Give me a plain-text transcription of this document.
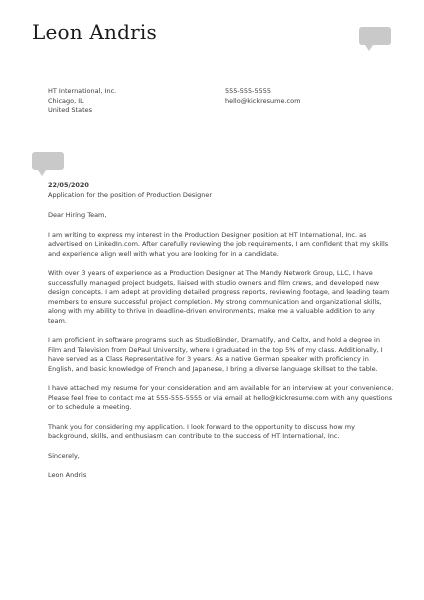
Leon Andris
HT International, Inc.
Chicago, IL
United States
555-555-5555
hello@kickresume.com

22/05/2020

Application for the position of Production Designer

Dear Hiring Team,

I am writing to express my interest in the Production Designer position at HT International, Inc. as advertised on LinkedIn.com. After carefully reviewing the job requirements, I am confident that my skills and experience align well with what you are looking for in a candidate.

With over 3 years of experience as a Production Designer at The Mandy Network Group, LLC, I have successfully managed project budgets, liaised with studio owners and film crews, and developed new design concepts. I am adept at providing detailed progress reports, reviewing footage, and leading team members to ensure successful project completion. My strong communication and organizational skills, along with my ability to thrive in deadline-driven environments, make me a valuable addition to any team.

I am proficient in software programs such as StudioBinder, Dramatify, and Celtx, and hold a degree in Film and Television from DePaul University, where I graduated in the top 5% of my class. Additionally, I have served as a Class Representative for 3 years. As a native German speaker with proficiency in English, and basic knowledge of French and Japanese, I bring a diverse language skillset to the table.

I have attached my resume for your consideration and am available for an interview at your convenience. Please feel free to contact me at 555-555-5555 or via email at hello@kickresume.com with any questions or to schedule a meeting.

Thank you for considering my application. I look forward to the opportunity to discuss how my background, skills, and enthusiasm can contribute to the success of HT International, Inc.

Sincerely,

Leon Andris
